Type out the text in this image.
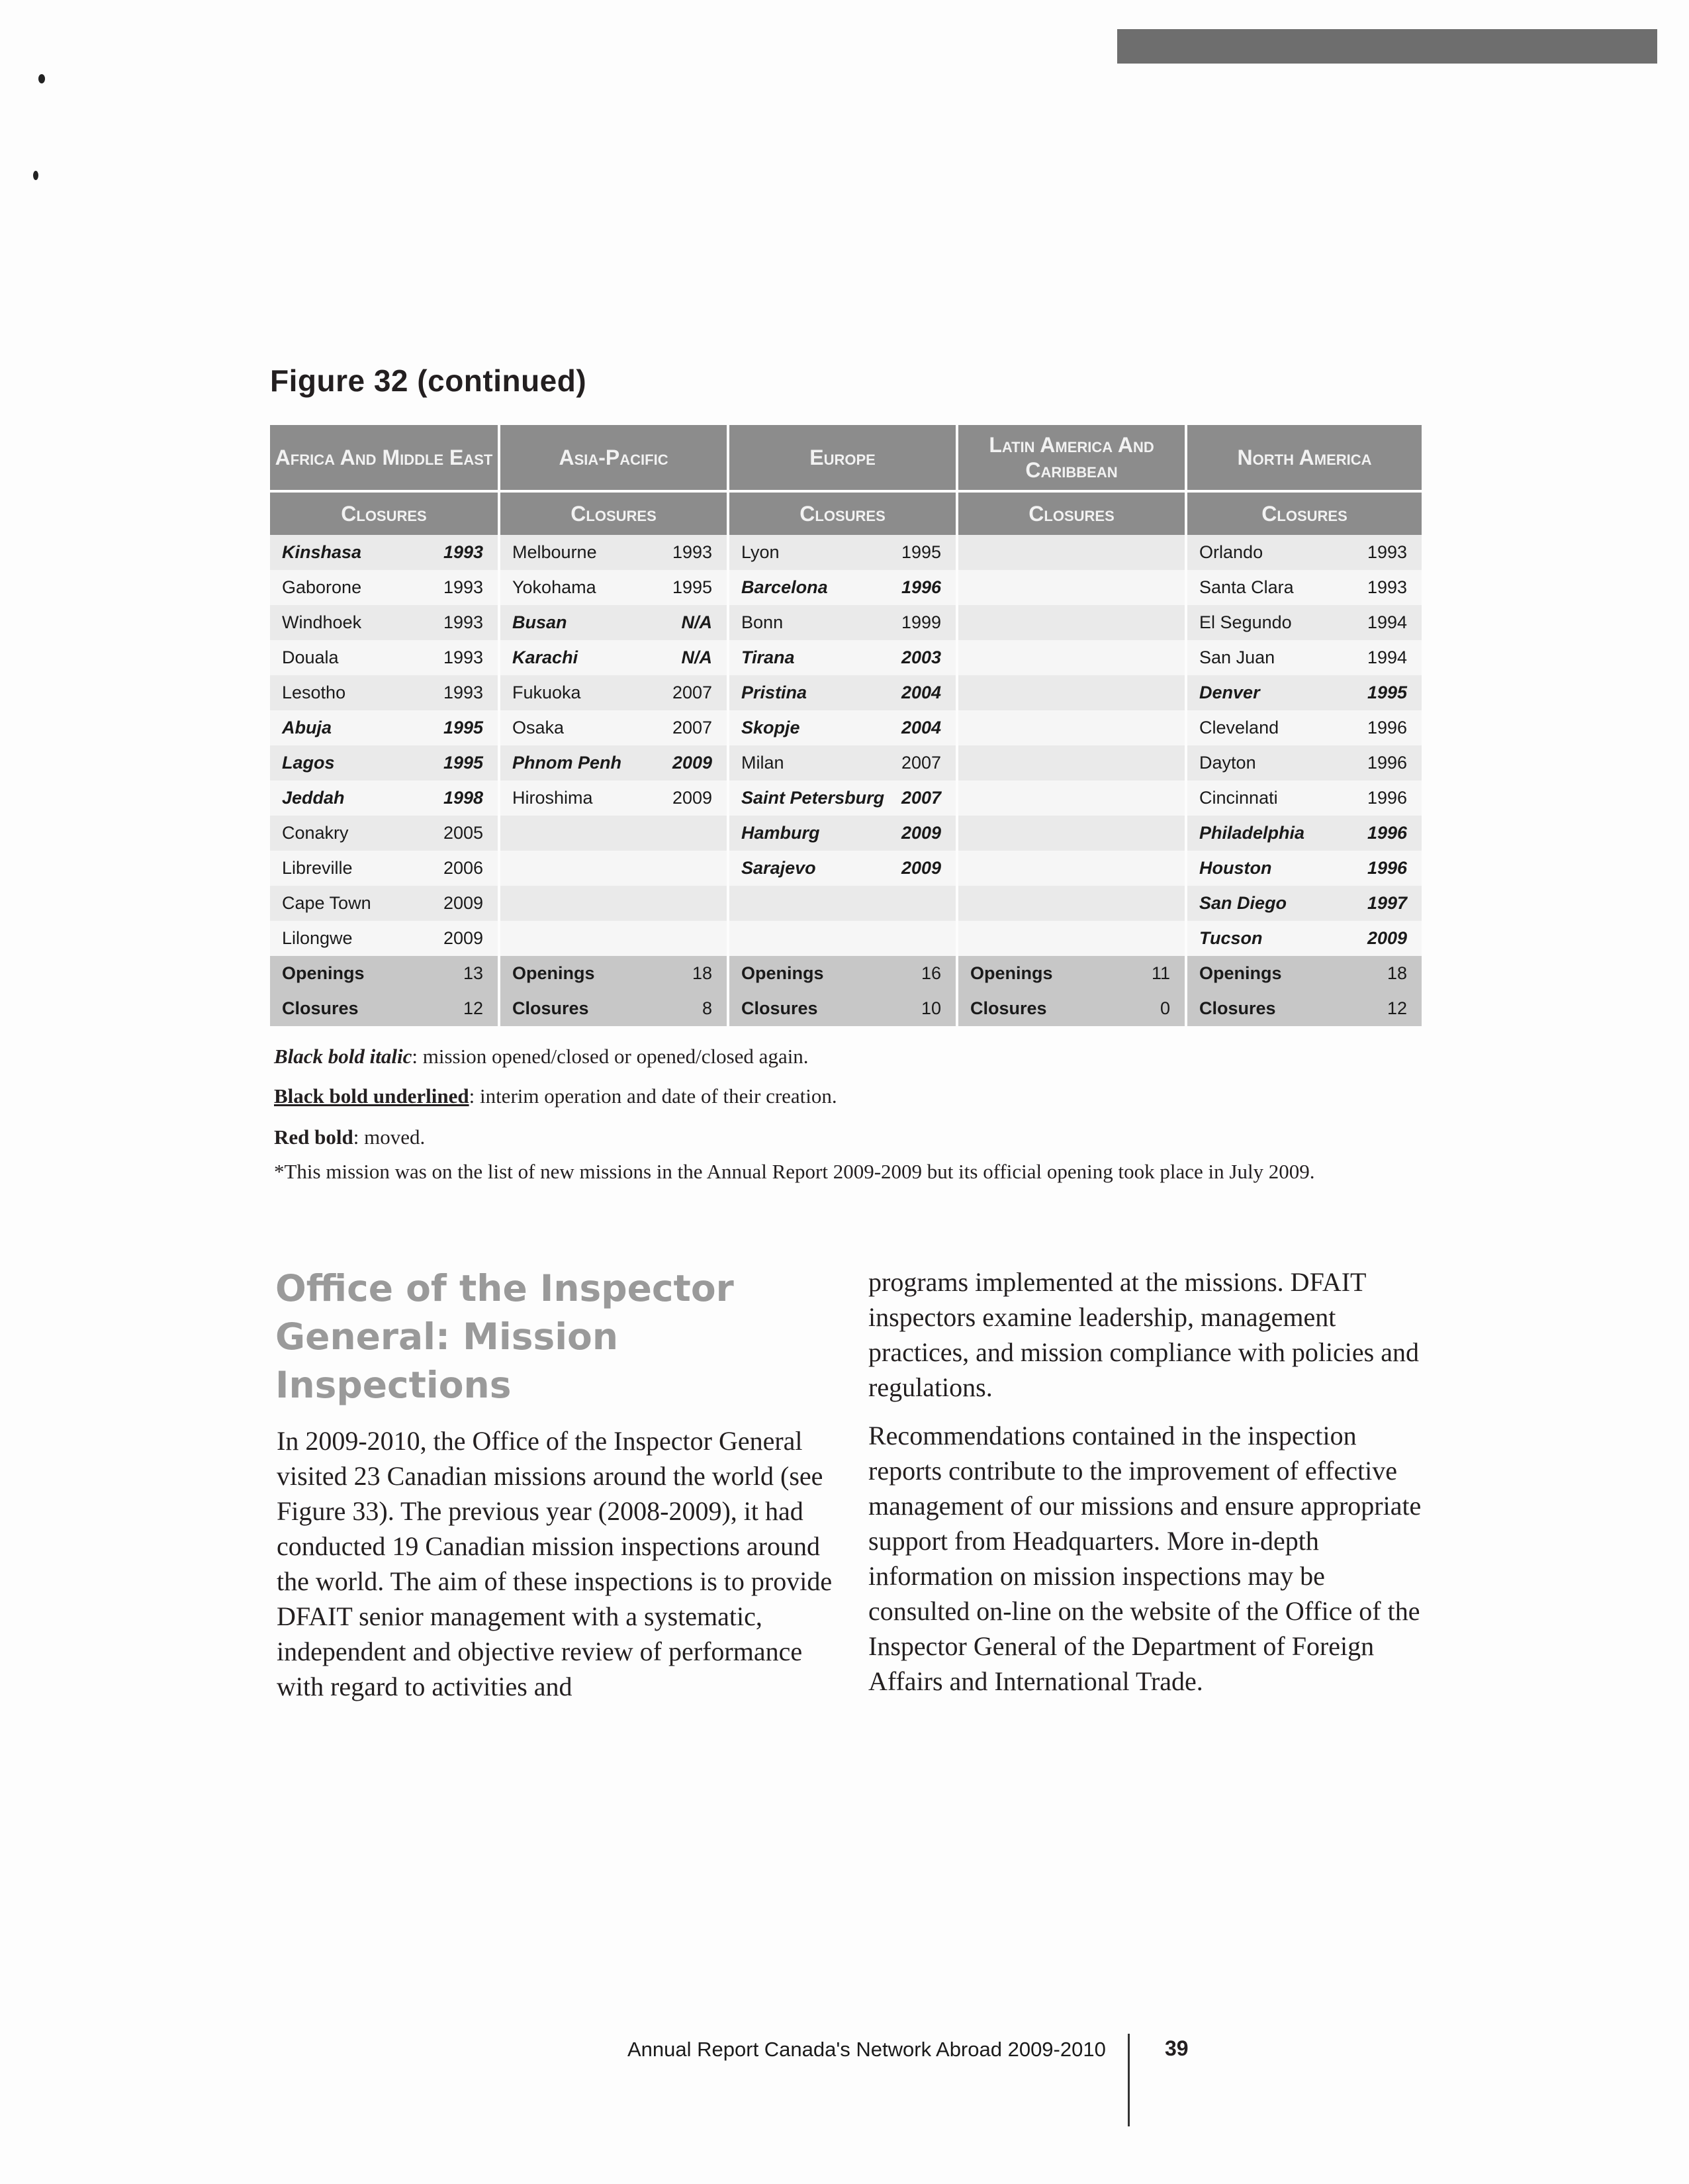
Figure 32 (continued)
Africa And Middle East		Asia-Pacific		Europe		Latin America And Caribbean		North America	
Closures		Closures		Closures		Closures		Closures	
Kinshasa	1993	Melbourne	1993	Lyon	1995			Orlando	1993
Gaborone	1993	Yokohama	1995	Barcelona	1996			Santa Clara	1993
Windhoek	1993	Busan	N/A	Bonn	1999			El Segundo	1994
Douala	1993	Karachi	N/A	Tirana	2003			San Juan	1994
Lesotho	1993	Fukuoka	2007	Pristina	2004			Denver	1995
Abuja	1995	Osaka	2007	Skopje	2004			Cleveland	1996
Lagos	1995	Phnom Penh	2009	Milan	2007			Dayton	1996
Jeddah	1998	Hiroshima	2009	Saint Petersburg	2007			Cincinnati	1996
Conakry	2005			Hamburg	2009			Philadelphia	1996
Libreville	2006			Sarajevo	2009			Houston	1996
Cape Town	2009							San Diego	1997
Lilongwe	2009							Tucson	2009
Openings	13	Openings	18	Openings	16	Openings	11	Openings	18
Closures	12	Closures	8	Closures	10	Closures	0	Closures	12
Black bold italic: mission opened/closed or opened/closed again.
Black bold underlined: interim operation and date of their creation.
Red bold: moved.
*This mission was on the list of new missions in the Annual Report 2009-2009 but its official opening took place in July 2009.
Office of the Inspector General: Mission Inspections

In 2009-2010, the Office of the Inspector General visited 23 Canadian missions around the world (see Figure 33). The previous year (2008-2009), it had conducted 19 Canadian mission inspections around the world. The aim of these inspections is to provide DFAIT senior management with a systematic, independent and objective review of performance with regard to activities and

programs implemented at the missions. DFAIT inspectors examine leadership, management practices, and mission compliance with policies and regulations.

Recommendations contained in the inspection reports contribute to the improvement of effective management of our missions and ensure appropriate support from Headquarters. More in-depth information on mission inspections may be consulted on-line on the website of the Office of the Inspector General of the Department of Foreign Affairs and International Trade.

Annual Report Canada's Network Abroad 2009-2010	39
